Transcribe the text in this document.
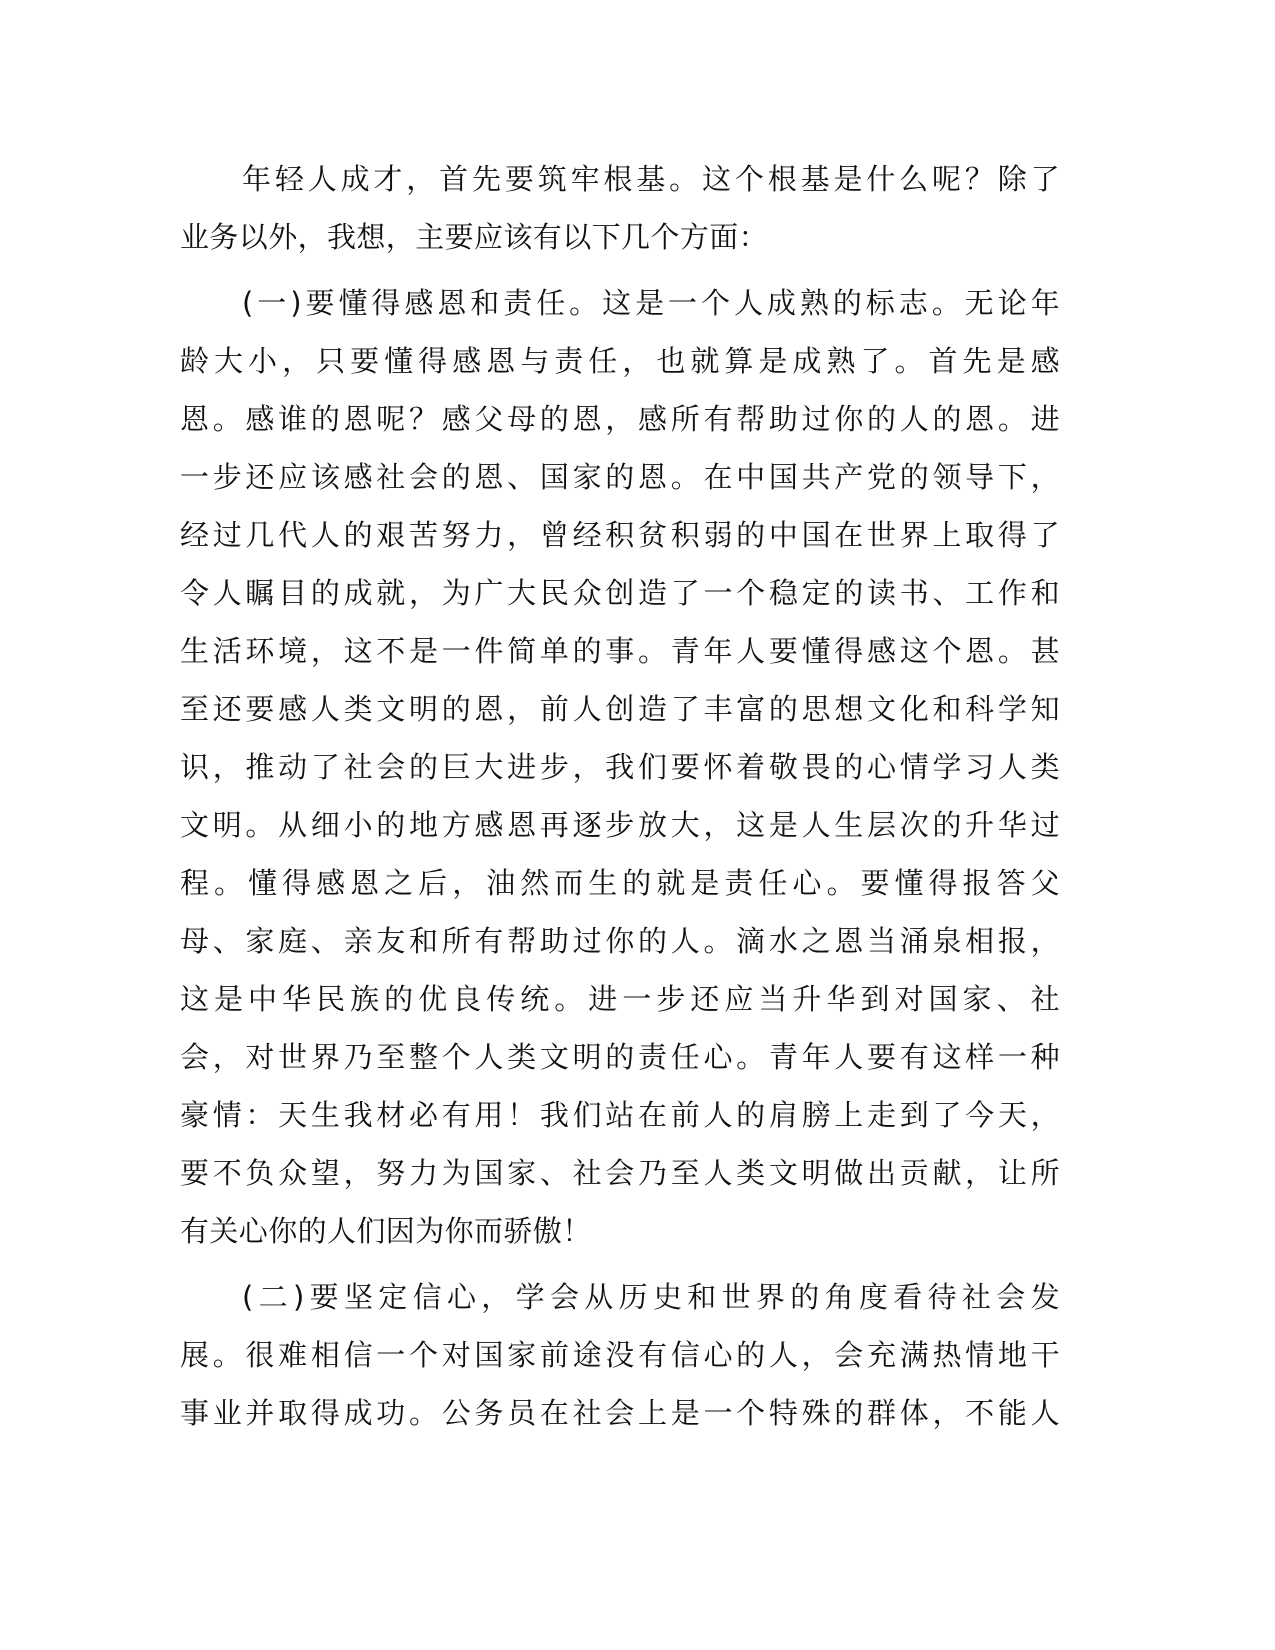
年轻人成才，首先要筑牢根基。这个根基是什么呢？除了
业务以外，我想，主要应该有以下几个方面：
(一)要懂得感恩和责任。这是一个人成熟的标志。无论年
龄大小，只要懂得感恩与责任，也就算是成熟了。首先是感
恩。感谁的恩呢？感父母的恩，感所有帮助过你的人的恩。进
一步还应该感社会的恩、国家的恩。在中国共产党的领导下，
经过几代人的艰苦努力，曾经积贫积弱的中国在世界上取得了
令人瞩目的成就，为广大民众创造了一个稳定的读书、工作和
生活环境，这不是一件简单的事。青年人要懂得感这个恩。甚
至还要感人类文明的恩，前人创造了丰富的思想文化和科学知
识，推动了社会的巨大进步，我们要怀着敬畏的心情学习人类
文明。从细小的地方感恩再逐步放大，这是人生层次的升华过
程。懂得感恩之后，油然而生的就是责任心。要懂得报答父
母、家庭、亲友和所有帮助过你的人。滴水之恩当涌泉相报，
这是中华民族的优良传统。进一步还应当升华到对国家、社
会，对世界乃至整个人类文明的责任心。青年人要有这样一种
豪情：天生我材必有用！我们站在前人的肩膀上走到了今天，
要不负众望，努力为国家、社会乃至人类文明做出贡献，让所
有关心你的人们因为你而骄傲！
(二)要坚定信心，学会从历史和世界的角度看待社会发
展。很难相信一个对国家前途没有信心的人，会充满热情地干
事业并取得成功。公务员在社会上是一个特殊的群体，不能人
